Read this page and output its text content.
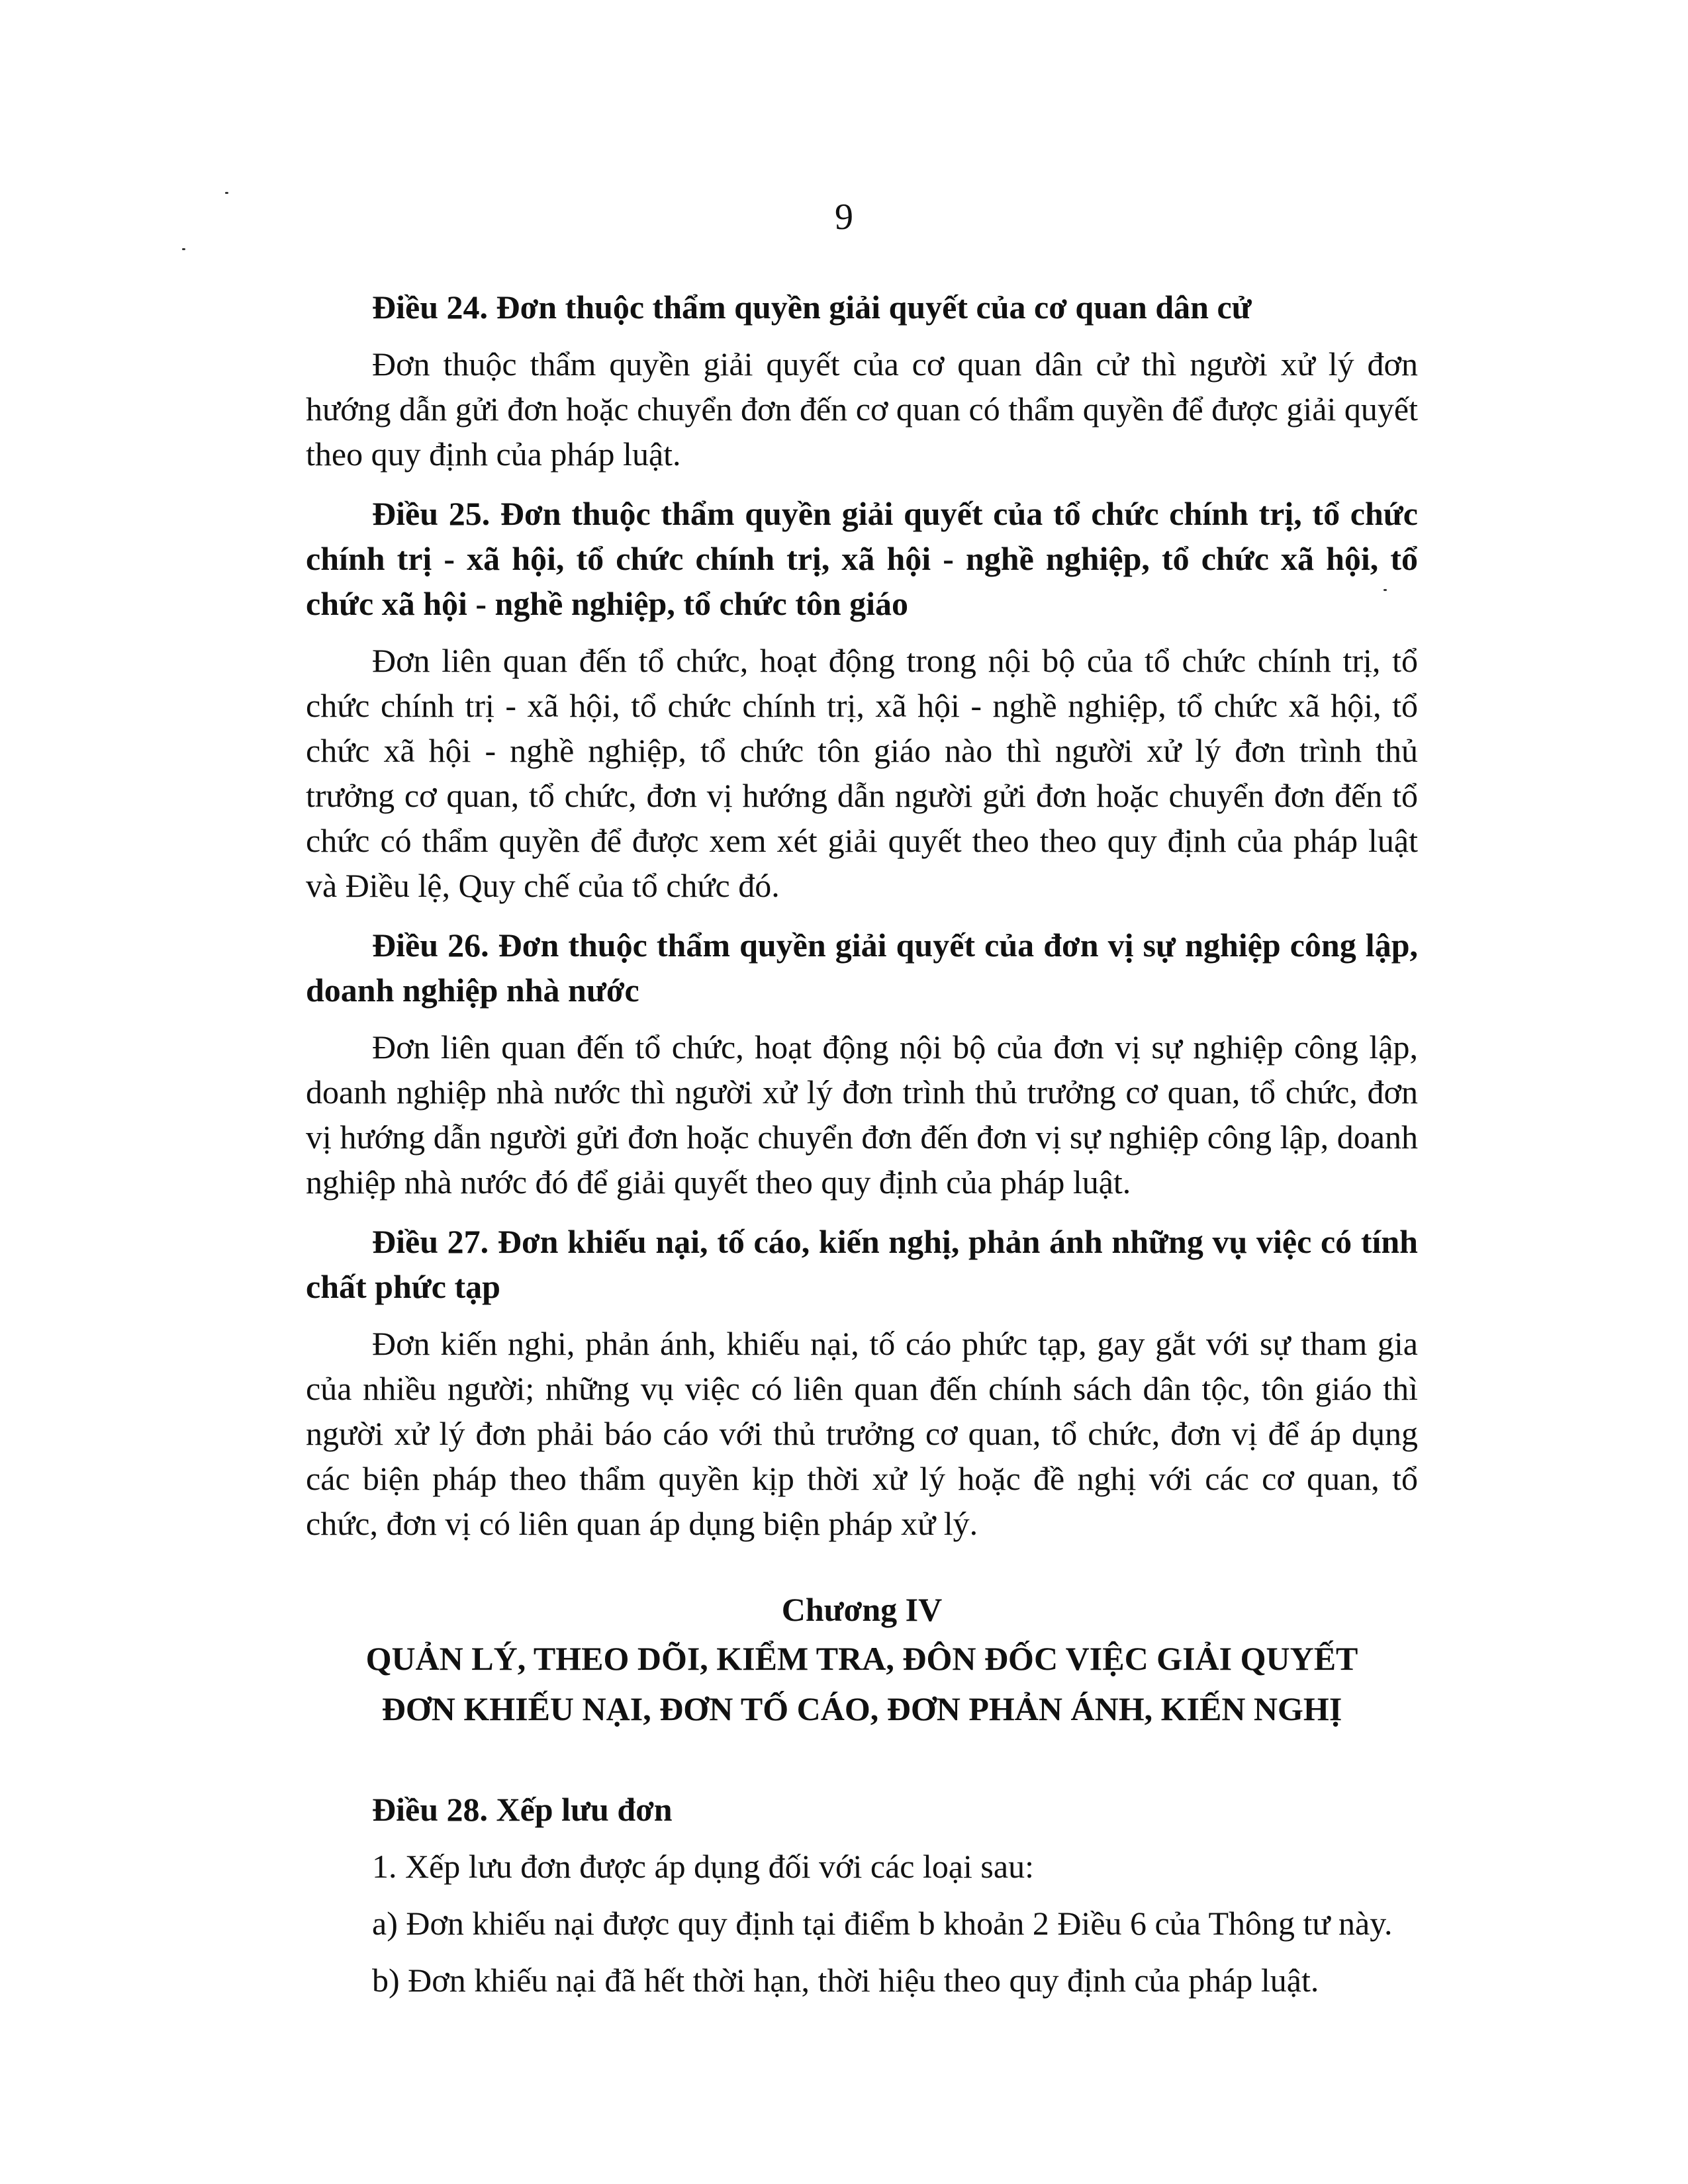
9

Điều 24. Đơn thuộc thẩm quyền giải quyết của cơ quan dân cử

Đơn thuộc thẩm quyền giải quyết của cơ quan dân cử thì người xử lý đơn hướng dẫn gửi đơn hoặc chuyển đơn đến cơ quan có thẩm quyền để được giải quyết theo quy định của pháp luật.

Điều 25. Đơn thuộc thẩm quyền giải quyết của tổ chức chính trị, tổ chức chính trị - xã hội, tổ chức chính trị, xã hội - nghề nghiệp, tổ chức xã hội, tổ chức xã hội - nghề nghiệp, tổ chức tôn giáo

Đơn liên quan đến tổ chức, hoạt động trong nội bộ của tổ chức chính trị, tổ chức chính trị - xã hội, tổ chức chính trị, xã hội - nghề nghiệp, tổ chức xã hội, tổ chức xã hội - nghề nghiệp, tổ chức tôn giáo nào thì người xử lý đơn trình thủ trưởng cơ quan, tổ chức, đơn vị hướng dẫn người gửi đơn hoặc chuyển đơn đến tổ chức có thẩm quyền để được xem xét giải quyết theo theo quy định của pháp luật và Điều lệ, Quy chế của tổ chức đó.

Điều 26. Đơn thuộc thẩm quyền giải quyết của đơn vị sự nghiệp công lập, doanh nghiệp nhà nước

Đơn liên quan đến tổ chức, hoạt động nội bộ của đơn vị sự nghiệp công lập, doanh nghiệp nhà nước thì người xử lý đơn trình thủ trưởng cơ quan, tổ chức, đơn vị hướng dẫn người gửi đơn hoặc chuyển đơn đến đơn vị sự nghiệp công lập, doanh nghiệp nhà nước đó để giải quyết theo quy định của pháp luật.

Điều 27. Đơn khiếu nại, tố cáo, kiến nghị, phản ánh những vụ việc có tính chất phức tạp

Đơn kiến nghi, phản ánh, khiếu nại, tố cáo phức tạp, gay gắt với sự tham gia của nhiều người; những vụ việc có liên quan đến chính sách dân tộc, tôn giáo thì người xử lý đơn phải báo cáo với thủ trưởng cơ quan, tổ chức, đơn vị để áp dụng các biện pháp theo thẩm quyền kịp thời xử lý hoặc đề nghị với các cơ quan, tổ chức, đơn vị có liên quan áp dụng biện pháp xử lý.

Chương IV

QUẢN LÝ, THEO DÕI, KIỂM TRA, ĐÔN ĐỐC VIỆC GIẢI QUYẾT

ĐƠN KHIẾU NẠI, ĐƠN TỐ CÁO, ĐƠN PHẢN ÁNH, KIẾN NGHỊ

Điều 28. Xếp lưu đơn

1. Xếp lưu đơn được áp dụng đối với các loại sau:

a) Đơn khiếu nại được quy định tại điểm b khoản 2 Điều 6 của Thông tư này.

b) Đơn khiếu nại đã hết thời hạn, thời hiệu theo quy định của pháp luật.
